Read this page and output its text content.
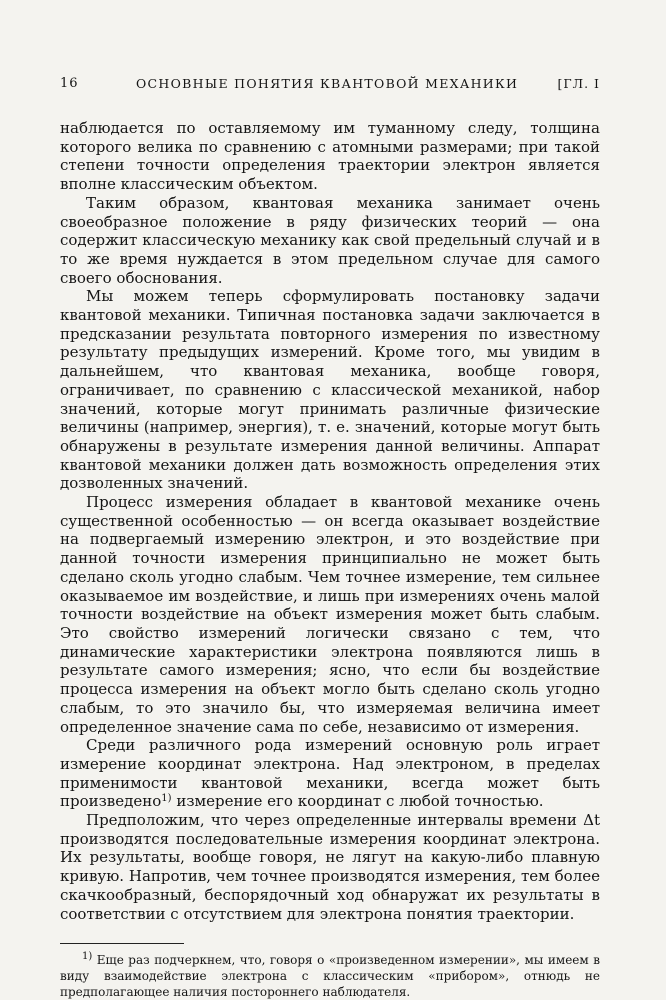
16	ОСНОВНЫЕ ПОНЯТИЯ КВАНТОВОЙ МЕХАНИКИ	[ГЛ. I

наблюдается по оставляемому им туманному следу, толщина которого велика по сравнению с атомными размерами; при такой степени точности определения траектории электрон является вполне классическим объектом.

Таким образом, квантовая механика занимает очень своеобразное положение в ряду физических теорий — она содержит классическую механику как свой предельный случай и в то же время нуждается в этом предельном случае для самого своего обоснования.

Мы можем теперь сформулировать постановку задачи квантовой механики. Типичная постановка задачи заключается в предсказании результата повторного измерения по известному результату предыдущих измерений. Кроме того, мы увидим в дальнейшем, что квантовая механика, вообще говоря, ограничивает, по сравнению с классической механикой, набор значений, которые могут принимать различные физические величины (например, энергия), т. е. значений, которые могут быть обнаружены в результате измерения данной величины. Аппарат квантовой механики должен дать возможность определения этих дозволенных значений.

Процесс измерения обладает в квантовой механике очень существенной особенностью — он всегда оказывает воздействие на подвергаемый измерению электрон, и это воздействие при данной точности измерения принципиально не может быть сделано сколь угодно слабым. Чем точнее измерение, тем сильнее оказываемое им воздействие, и лишь при измерениях очень малой точности воздействие на объект измерения может быть слабым. Это свойство измерений логически связано с тем, что динамические характеристики электрона появляются лишь в результате самого измерения; ясно, что если бы воздействие процесса измерения на объект могло быть сделано сколь угодно слабым, то это значило бы, что измеряемая величина имеет определенное значение сама по себе, независимо от измерения.

Среди различного рода измерений основную роль играет измерение координат электрона. Над электроном, в пределах применимости квантовой механики, всегда может быть произведено$^{1)}$ измерение его координат с любой точностью.

Предположим, что через определенные интервалы времени Δt производятся последовательные измерения координат электрона. Их результаты, вообще говоря, не лягут на какую-либо плавную кривую. Напротив, чем точнее производятся измерения, тем более скачкообразный, беспорядочный ход обнаружат их результаты в соответствии с отсутствием для электрона понятия траектории.

$^{1)}$ Еще раз подчеркнем, что, говоря о «произведенном измерении», мы имеем в виду взаимодействие электрона с классическим «прибором», отнюдь не предполагающее наличия постороннего наблюдателя.
